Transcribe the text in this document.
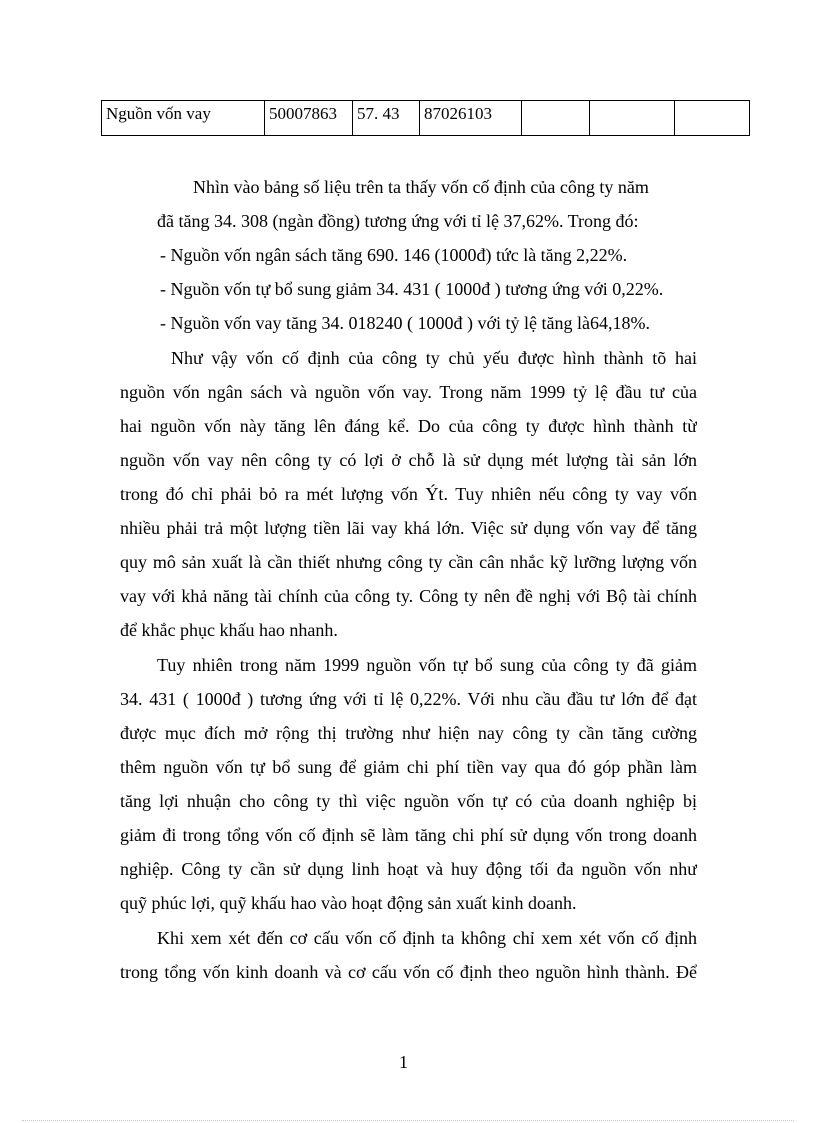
Nguồn vốn vay	50007863	57. 43	87026103			
Nhìn vào bảng số liệu trên ta thấy vốn cố định của công ty năm
đã tăng 34. 308 (ngàn đồng) tương ứng với tỉ lệ 37,62%. Trong đó:
- Nguồn vốn ngân sách tăng 690. 146 (1000đ) tức là tăng 2,22%.
- Nguồn vốn tự bổ sung giảm 34. 431 ( 1000đ ) tương ứng với 0,22%.
- Nguồn vốn vay tăng 34. 018240 ( 1000đ ) với tỷ lệ tăng là64,18%.
Như vậy vốn cố định của công ty chủ yếu được hình thành tõ hai
nguồn vốn ngân sách và nguồn vốn vay. Trong năm 1999 tỷ lệ đầu tư của
hai nguồn vốn này tăng lên đáng kể. Do của công ty được hình thành từ
nguồn vốn vay nên công ty có lợi ở chỗ là sử dụng mét lượng tài sản lớn
trong đó chỉ phải bỏ ra mét lượng vốn Ýt. Tuy nhiên nếu công ty vay vốn
nhiều phải trả một lượng tiền lãi vay khá lớn. Việc sử dụng vốn vay để tăng
quy mô sản xuất là cần thiết nhưng công ty cần cân nhắc kỹ lưỡng lượng vốn
vay với khả năng tài chính của công ty. Công ty nên đề nghị với Bộ tài chính
để khắc phục khấu hao nhanh.
Tuy nhiên trong năm 1999 nguồn vốn tự bổ sung của công ty đã giảm
34. 431 ( 1000đ ) tương ứng với tỉ lệ 0,22%. Với nhu cầu đầu tư lớn để đạt
được mục đích mở rộng thị trường như hiện nay công ty cần tăng cường
thêm nguồn vốn tự bổ sung để giảm chi phí tiền vay qua đó góp phần làm
tăng lợi nhuận cho công ty thì việc nguồn vốn tự có của doanh nghiệp bị
giảm đi trong tổng vốn cố định sẽ làm tăng chi phí sử dụng vốn trong doanh
nghiệp. Công ty cần sử dụng linh hoạt và huy động tối đa nguồn vốn như
quỹ phúc lợi, quỹ khấu hao vào hoạt động sản xuất kinh doanh.
Khi xem xét đến cơ cấu vốn cố định ta không chỉ xem xét vốn cố định
trong tổng vốn kinh doanh và cơ cấu vốn cố định theo nguồn hình thành. Để
1
